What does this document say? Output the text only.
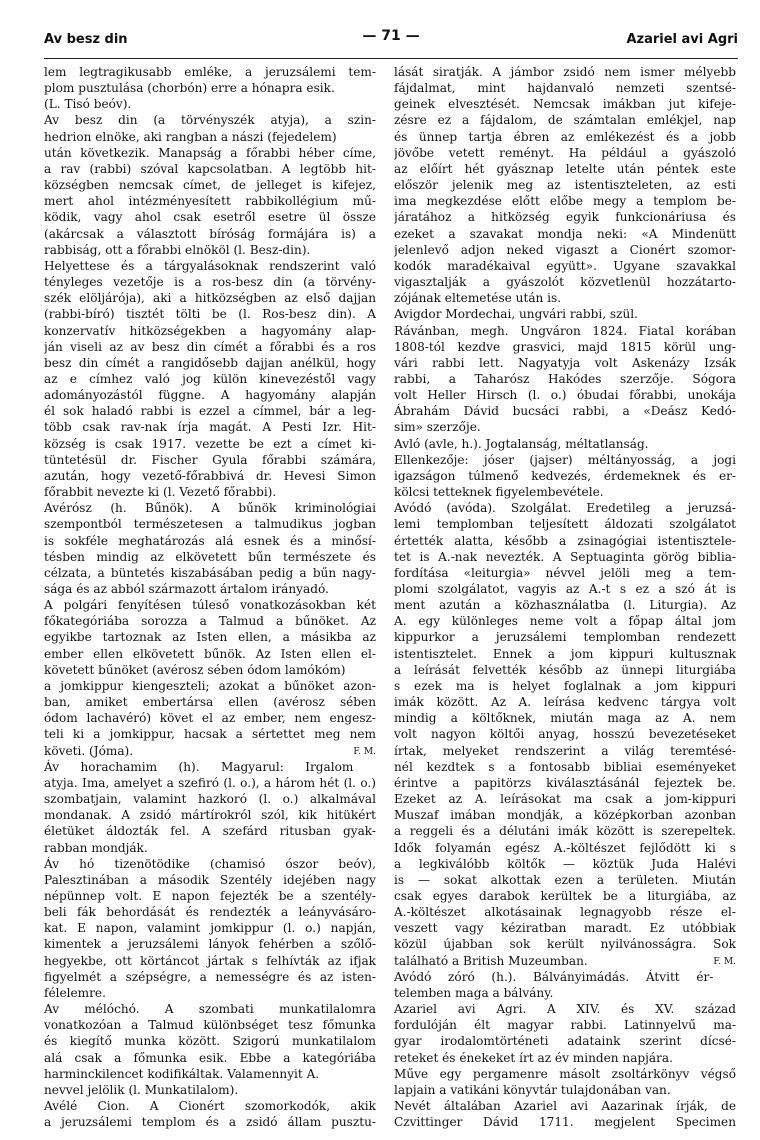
Av besz din	— 71 —	Azariel avi Agri
lem legtragikusabb emléke, a jeruzsálemi tem-
plom pusztulása (chorbón) erre a hónapra esik.
(L. Tisó beóv).
Av besz din (a törvényszék atyja), a szin-
hedrion elnöke, aki rangban a nászi (fejedelem)
után következik. Manapság a főrabbi héber címe,
a rav (rabbi) szóval kapcsolatban. A legtöbb hit-
községben nemcsak címet, de jelleget is kifejez,
mert ahol intézményesített rabbikollégium mű-
ködik, vagy ahol csak esetről esetre ül össze
(akárcsak a választott bíróság formájára is) a
rabbiság, ott a főrabbi elnököl (l. Besz-din).
Helyettese és a tárgyalásoknak rendszerint való
tényleges vezetője is a ros-besz din (a törvény-
szék elöljárója), aki a hitközségben az első dajjan
(rabbi-bíró) tisztét tölti be (l. Ros-besz din). A
konzervatív hitközségekben a hagyomány alap-
ján viseli az av besz din címét a főrabbi és a ros
besz din címét a rangidősebb dajjan anélkül, hogy
az e címhez való jog külön kinevezéstől vagy
adományozástól függne. A hagyomány alapján
él sok haladó rabbi is ezzel a címmel, bár a leg-
több csak rav-nak írja magát. A Pesti Izr. Hit-
község is csak 1917. vezette be ezt a címet ki-
tüntetésül dr. Fischer Gyula főrabbi számára,
azután, hogy vezető-főrabbivá dr. Hevesi Simon
főrabbit nevezte ki (l. Vezető főrabbi).
Avérósz (h. Bűnök). A bűnök kriminológiai
szempontból természetesen a talmudikus jogban
is sokféle meghatározás alá esnek és a minősí-
tésben mindig az elkövetett bűn természete és
célzata, a büntetés kiszabásában pedig a bűn nagy-
sága és az abból származott ártalom irányadó.
A polgári fenyítésen túleső vonatkozásokban két
főkategóriába sorozza a Talmud a bűnöket. Az
egyikbe tartoznak az Isten ellen, a másikba az
ember ellen elkövetett bűnök. Az Isten ellen el-
követett bűnöket (avérosz sében ódom lamókóm)
a jomkippur kiengeszteli; azokat a bűnöket azon-
ban, amiket embertársa ellen (avérosz sében
ódom lachavéró) követ el az ember, nem engesz-
teli ki a jomkippur, hacsak a sértettet meg nem
követi. (Jóma).	F. M.
Áv horachamim (h). Magyarul: Irgalom
atyja. Ima, amelyet a szefiró (l. o.), a három hét (l. o.)
szombatjain, valamint hazkoró (l. o.) alkalmával
mondanak. A zsidó mártírokról szól, kik hitükért
életüket áldozták fel. A szefárd ritusban gyak-
rabban mondják.
Áv hó tizenötödike (chamisó ószor beóv),
Palesztinában a második Szentély idejében nagy
népünnep volt. E napon fejezték be a szentély-
beli fák behordását és rendezték a leányvásáro-
kat. E napon, valamint jomkippur (l. o.) napján,
kimentek a jeruzsálemi lányok fehérben a szőlő-
hegyekbe, ott körtáncot jártak s felhívták az ifjak
figyelmét a szépségre, a nemességre és az isten-
félelemre.
Av mélóchó. A szombati munkatilalomra
vonatkozóan a Talmud különbséget tesz főmunka
és kiegítő munka között. Szigorú munkatilalom
alá csak a főmunka esik. Ebbe a kategóriába
harminckilencet kodifikáltak. Valamennyit A.
nevvel jelölik (l. Munkatilalom).
Avélé Cion. A Cionért szomorkodók, akik
a jeruzsálemi templom és a zsidó állam pusztu-
lását siratják. A jámbor zsidó nem ismer mélyebb
fájdalmat, mint hajdanvaló nemzeti szentsé-
geinek elvesztését. Nemcsak imákban jut kifeje-
zésre ez a fájdalom, de számtalan emlékjel, nap
és ünnep tartja ébren az emlékezést és a jobb
jövőbe vetett reményt. Ha például a gyászoló
az előírt hét gyásznap letelte után péntek este
először jelenik meg az istentiszteleten, az esti
ima megkezdése előtt előbe megy a templom be-
járatához a hitközség egyik funkcionáriusa és
ezeket a szavakat mondja neki: «A Mindenütt
jelenlevő adjon neked vigaszt a Cionért szomor-
kodók maradékaival együtt». Ugyane szavakkal
vigasztalják a gyászolót közvetlenül hozzátarto-
zójának eltemetése után is.
Avigdor Mordechai, ungvári rabbi, szül.
Rávánban, megh. Ungváron 1824. Fiatal korában
1808-tól kezdve grasvici, majd 1815 körül ung-
vári rabbi lett. Nagyatyja volt Askenázy Izsák
rabbi, a Taharósz Hakódes szerzője. Sógora
volt Heller Hirsch (l. o.) óbudai főrabbi, unokája
Ábrahám Dávid bucsáci rabbi, a «Deász Kedó-
sim» szerzője.
Avló (avle, h.). Jogtalanság, méltatlanság.
Ellenkezője: jóser (jajser) méltányosság, a jogi
igazságon túlmenő kedvezés, érdemeknek és er-
kölcsi tetteknek figyelembevétele.
Avódó (avóda). Szolgálat. Eredetileg a jeruzsá-
lemi templomban teljesített áldozati szolgálatot
értették alatta, később a zsinagógiai istentisztele-
tet is A.-nak nevezték. A Septuaginta görög biblia-
fordítása «leiturgia» névvel jelöli meg a tem-
plomi szolgálatot, vagyis az A.-t s ez a szó át is
ment azután a közhasználatba (l. Liturgia). Az
A. egy különleges neme volt a főpap által jom
kippurkor a jeruzsálemi templomban rendezett
istentisztelet. Ennek a jom kippuri kultusznak
a leírását felvették később az ünnepi liturgiába
s ezek ma is helyet foglalnak a jom kippuri
imák között. Az A. leírása kedvenc tárgya volt
mindig a költőknek, miután maga az A. nem
volt nagyon költői anyag, hosszú bevezetéseket
írtak, melyeket rendszerint a világ teremtésé-
nél kezdtek s a fontosabb bibliai eseményeket
érintve a papitörzs kiválasztásánál fejeztek be.
Ezeket az A. leírásokat ma csak a jom-kippuri
Muszaf imában mondják, a középkorban azonban
a reggeli és a délutáni imák között is szerepeltek.
Idők folyamán egész A.-költészet fejlődött ki s
a legkiválóbb költők — köztük Juda Halévi
is — sokat alkottak ezen a területen. Miután
csak egyes darabok kerültek be a liturgiába, az
A.-költészet alkotásainak legnagyobb része el-
veszett vagy kéziratban maradt. Ez utóbbiak
közül újabban sok került nyilvánosságra. Sok
található a British Muzeumban.	F. M.
Avódó zóró (h.). Bálványimádás. Átvitt ér-
telemben maga a bálvány.
Azariel avi Agri. A XIV. és XV. század
fordulóján élt magyar rabbi. Latinnyelvű ma-
gyar irodalomtörténeti adataink szerint dícsé-
reteket és énekeket írt az év minden napjára.
Műve egy pergamenre másolt zsoltárkönyv végső
lapjain a vatikáni könyvtár tulajdonában van.
Nevét általában Azariel avi Aazarinak írják, de
Czvittinger Dávid 1711. megjelent Specimen
